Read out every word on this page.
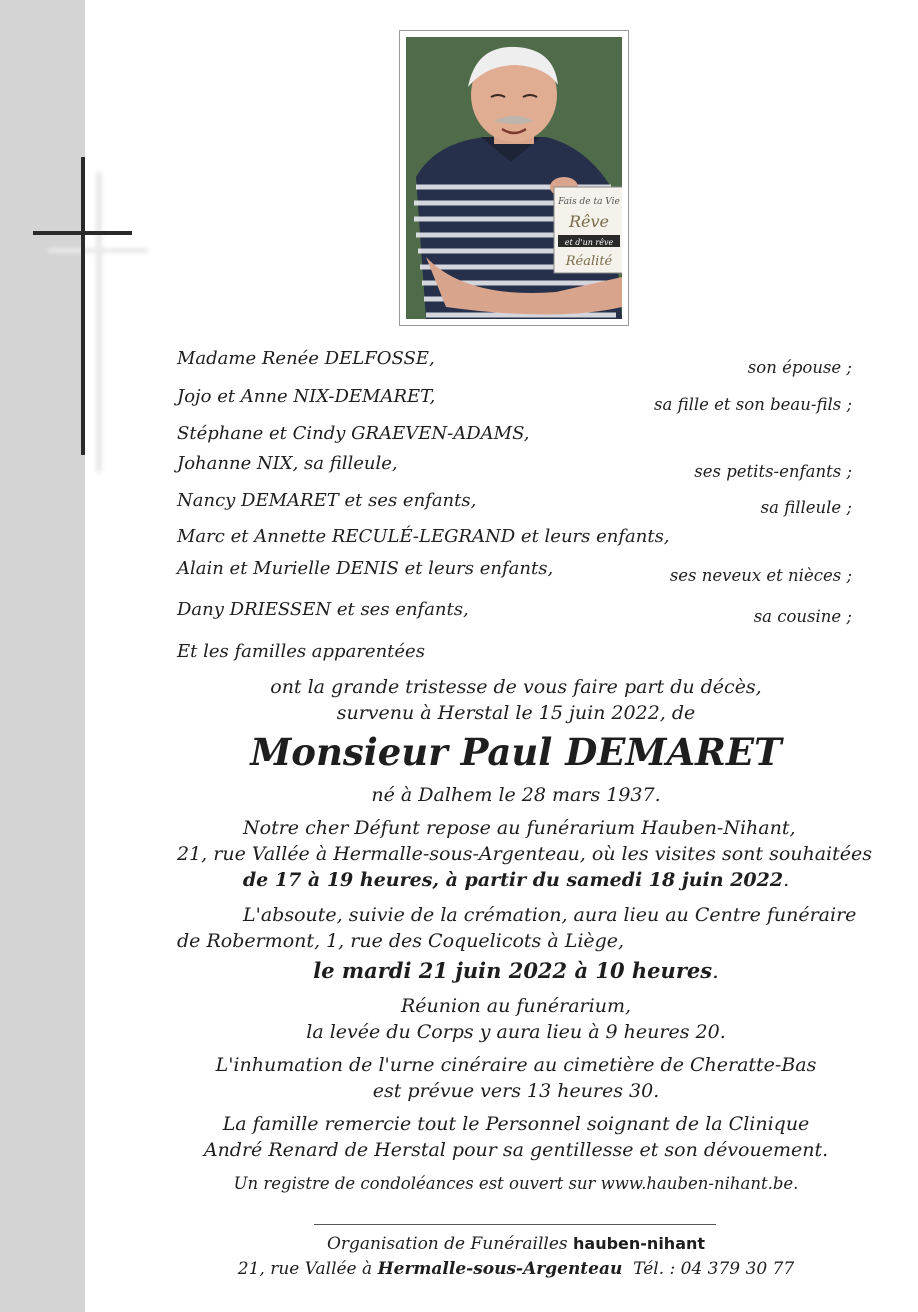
Fais de ta Vie
Rêve
et d'un rêve
Réalité
Madame Renée DELFOSSE,
Jojo et Anne NIX-DEMARET,
Stéphane et Cindy GRAEVEN-ADAMS,
Johanne NIX, sa filleule,
Nancy DEMARET et ses enfants,
Marc et Annette RECULÉ-LEGRAND et leurs enfants,
Alain et Murielle DENIS et leurs enfants,
Dany DRIESSEN et ses enfants,
Et les familles apparentées
son épouse ;
sa fille et son beau-fils ;
ses petits-enfants ;
sa filleule ;
ses neveux et nièces ;
sa cousine ;
ont la grande tristesse de vous faire part du décès,
survenu à Herstal le 15 juin 2022, de
Monsieur Paul DEMARET
né à Dalhem le 28 mars 1937.
Notre cher Défunt repose au funérarium Hauben-Nihant,
21, rue Vallée à Hermalle-sous-Argenteau, où les visites sont souhaitées
de 17 à 19 heures, à partir du samedi 18 juin 2022.
L'absoute, suivie de la crémation, aura lieu au Centre funéraire
de Robermont, 1, rue des Coquelicots à Liège,
le mardi 21 juin 2022 à 10 heures.
Réunion au funérarium,
la levée du Corps y aura lieu à 9 heures 20.
L'inhumation de l'urne cinéraire au cimetière de Cheratte-Bas
est prévue vers 13 heures 30.
La famille remercie tout le Personnel soignant de la Clinique
André Renard de Herstal pour sa gentillesse et son dévouement.
Un registre de condoléances est ouvert sur www.hauben-nihant.be.
Organisation de Funérailles hauben-nihant
21, rue Vallée à Hermalle-sous-Argenteau Tél. : 04 379 30 77
